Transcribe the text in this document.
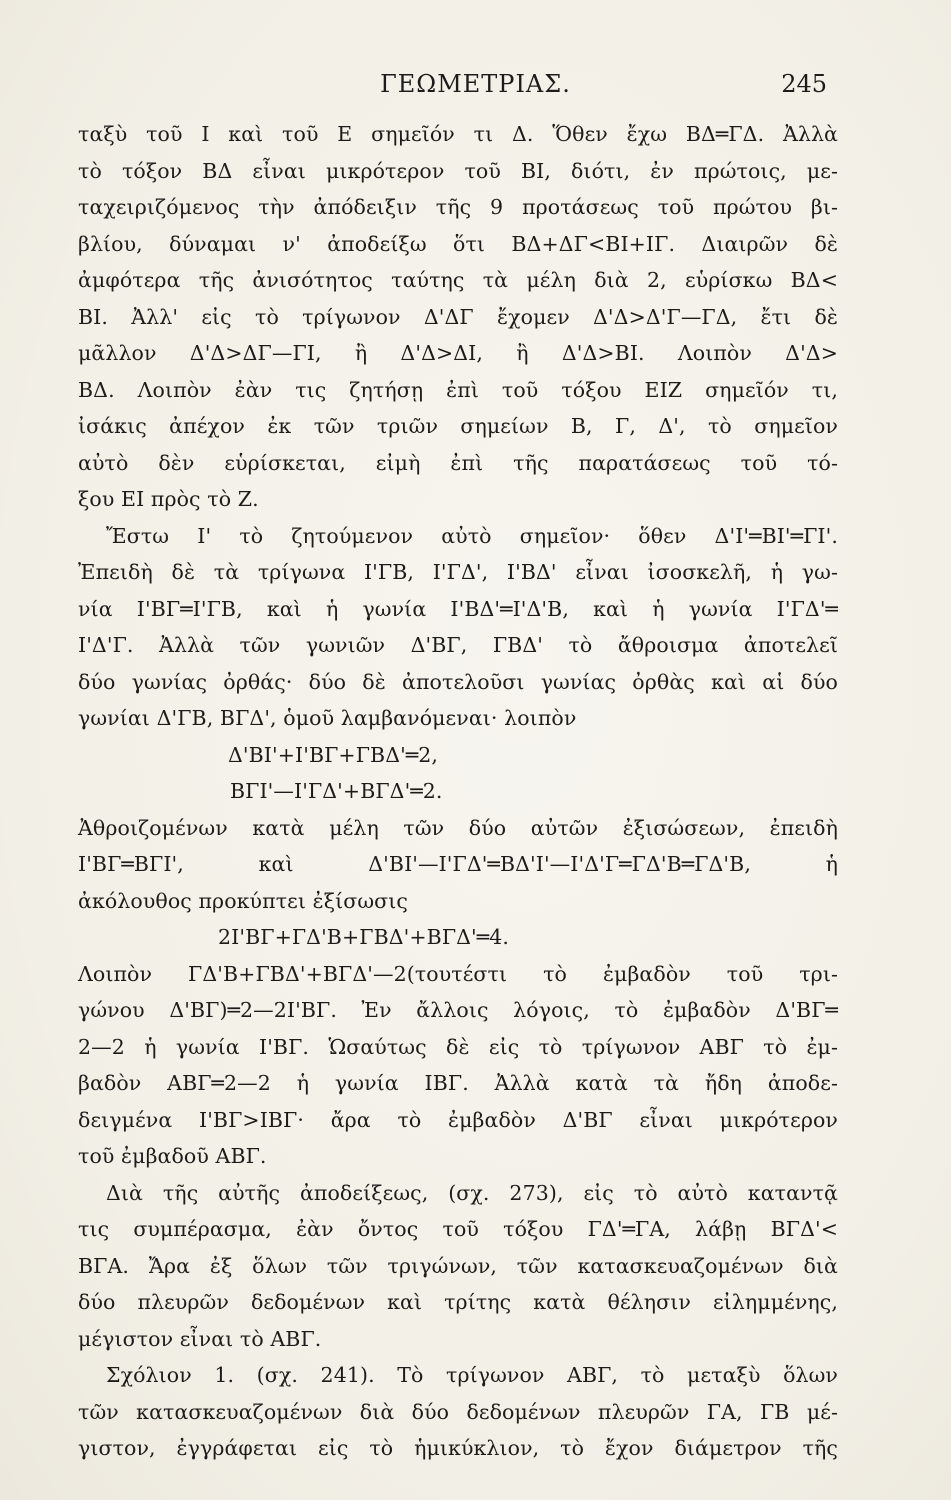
ΓΕΩΜΕΤΡΙΑΣ.	245
ταξὺ τοῦ Ι καὶ τοῦ Ε σημεῖόν τι Δ. Ὅθεν ἔχω ΒΔ═ΓΔ. Ἀλλὰ
τὸ τόξον ΒΔ εἶναι μικρότερον τοῦ ΒΙ, διότι, ἐν πρώτοις, με-
ταχειριζόμενος τὴν ἀπόδειξιν τῆς 9 προτάσεως τοῦ πρώτου βι-
βλίου, δύναμαι ν' ἀποδείξω ὅτι ΒΔ+ΔΓ<ΒΙ+ΙΓ. Διαιρῶν δὲ
ἀμφότερα τῆς ἀνισότητος ταύτης τὰ μέλη διὰ 2, εὑρίσκω ΒΔ<
ΒΙ. Ἀλλ' εἰς τὸ τρίγωνον Δ'ΔΓ ἔχομεν Δ'Δ>Δ'Γ—ΓΔ, ἔτι δὲ
μᾶλλον Δ'Δ>ΔΓ—ΓΙ, ἢ Δ'Δ>ΔΙ, ἢ Δ'Δ>ΒΙ. Λοιπὸν Δ'Δ>
ΒΔ. Λοιπὸν ἐὰν τις ζητήσῃ ἐπὶ τοῦ τόξου ΕΙΖ σημεῖόν τι,
ἰσάκις ἀπέχον ἐκ τῶν τριῶν σημείων Β, Γ, Δ', τὸ σημεῖον
αὐτὸ δὲν εὑρίσκεται, εἰμὴ ἐπὶ τῆς παρατάσεως τοῦ τό-
ξου ΕΙ πρὸς τὸ Ζ.
Ἔστω Ι' τὸ ζητούμενον αὐτὸ σημεῖον· ὅθεν Δ'Ι'═ΒΙ'═ΓΙ'.
Ἐπειδὴ δὲ τὰ τρίγωνα Ι'ΓΒ, Ι'ΓΔ', Ι'ΒΔ' εἶναι ἰσοσκελῆ, ἡ γω-
νία Ι'ΒΓ═Ι'ΓΒ, καὶ ἡ γωνία Ι'ΒΔ'═Ι'Δ'Β, καὶ ἡ γωνία Ι'ΓΔ'═
Ι'Δ'Γ. Ἀλλὰ τῶν γωνιῶν Δ'ΒΓ, ΓΒΔ' τὸ ἄθροισμα ἀποτελεῖ
δύο γωνίας ὀρθάς· δύο δὲ ἀποτελοῦσι γωνίας ὀρθὰς καὶ αἱ δύο
γωνίαι Δ'ΓΒ, ΒΓΔ', ὁμοῦ λαμβανόμεναι· λοιπὸν
Δ'ΒΙ'+Ι'ΒΓ+ΓΒΔ'═2,
ΒΓΙ'—Ι'ΓΔ'+ΒΓΔ'═2.
Ἀθροιζομένων κατὰ μέλη τῶν δύο αὐτῶν ἐξισώσεων, ἐπειδὴ
Ι'ΒΓ═ΒΓΙ', καὶ Δ'ΒΙ'—Ι'ΓΔ'═ΒΔ'Ι'—Ι'Δ'Γ═ΓΔ'Β═ΓΔ'Β, ἡ
ἀκόλουθος προκύπτει ἐξίσωσις
2Ι'ΒΓ+ΓΔ'Β+ΓΒΔ'+ΒΓΔ'═4.
Λοιπὸν ΓΔ'Β+ΓΒΔ'+ΒΓΔ'—2(τουτέστι τὸ ἐμβαδὸν τοῦ τρι-
γώνου Δ'ΒΓ)═2—2Ι'ΒΓ. Ἐν ἄλλοις λόγοις, τὸ ἐμβαδὸν Δ'ΒΓ═
2—2 ἡ γωνία Ι'ΒΓ. Ὡσαύτως δὲ εἰς τὸ τρίγωνον ΑΒΓ τὸ ἐμ-
βαδὸν ΑΒΓ═2—2 ἡ γωνία ΙΒΓ. Ἀλλὰ κατὰ τὰ ἤδη ἀποδε-
δειγμένα Ι'ΒΓ>ΙΒΓ· ἄρα τὸ ἐμβαδὸν Δ'ΒΓ εἶναι μικρότερον
τοῦ ἐμβαδοῦ ΑΒΓ.
Διὰ τῆς αὐτῆς ἀποδείξεως, (σχ. 273), εἰς τὸ αὐτὸ καταντᾷ
τις συμπέρασμα, ἐὰν ὄντος τοῦ τόξου ΓΔ'═ΓΑ, λάβῃ ΒΓΔ'<
ΒΓΑ. Ἄρα ἐξ ὅλων τῶν τριγώνων, τῶν κατασκευαζομένων διὰ
δύο πλευρῶν δεδομένων καὶ τρίτης κατὰ θέλησιν εἰλημμένης,
μέγιστον εἶναι τὸ ΑΒΓ.
Σχόλιον 1. (σχ. 241). Τὸ τρίγωνον ΑΒΓ, τὸ μεταξὺ ὅλων
τῶν κατασκευαζομένων διὰ δύο δεδομένων πλευρῶν ΓΑ, ΓΒ μέ-
γιστον, ἐγγράφεται εἰς τὸ ἡμικύκλιον, τὸ ἔχον διάμετρον τῆς
